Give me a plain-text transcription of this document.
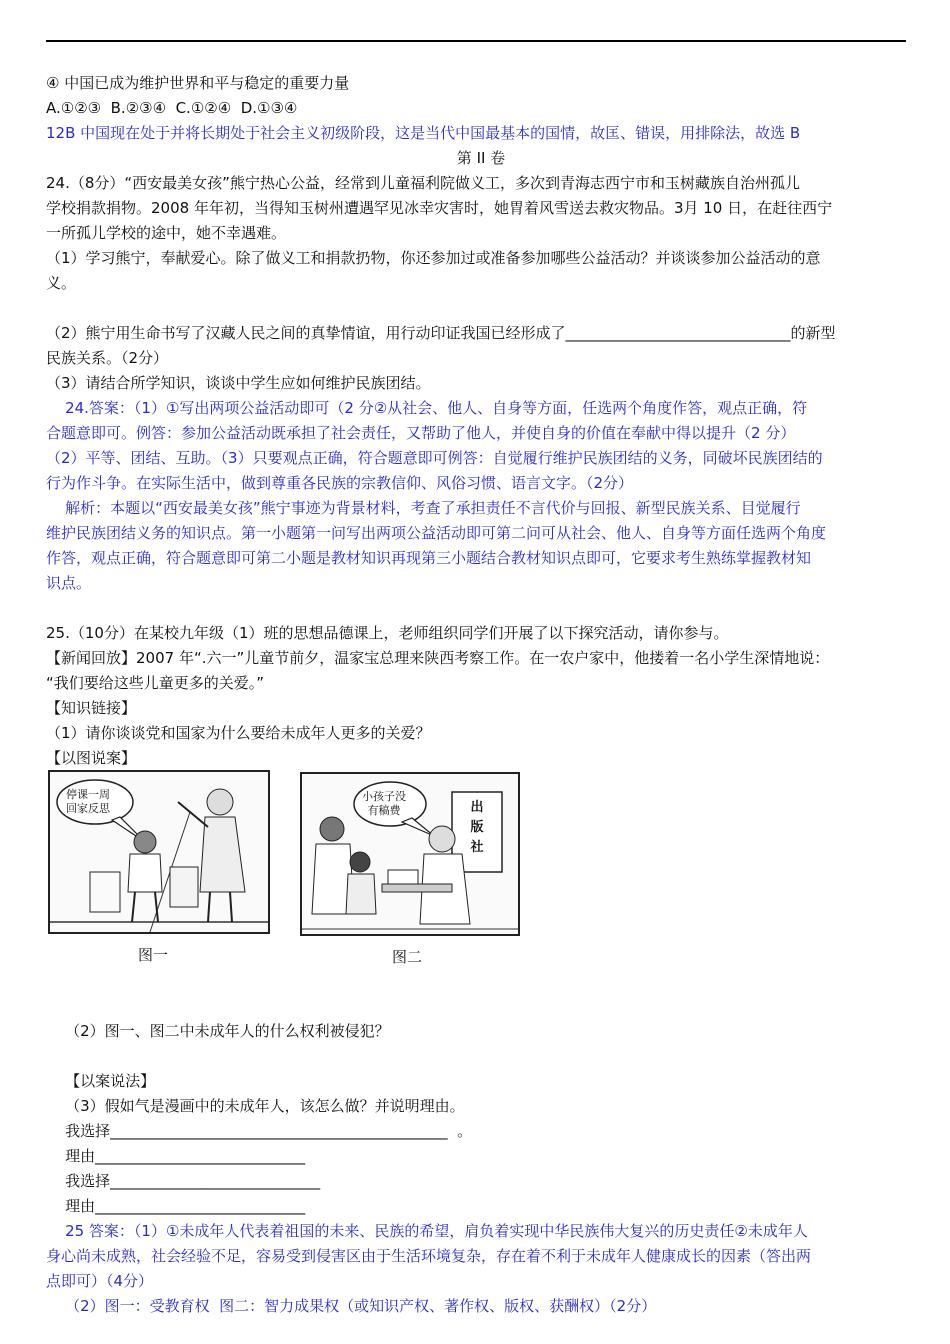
④ 中国已成为维护世界和平与稳定的重要力量
A.①②③  B.②③④  C.①②④  D.①③④
12B 中国现在处于并将长期处于社会主义初级阶段，这是当代中国最基本的国情，故匡、错误，用排除法，故选 B
第 II 卷
24.（8分）“西安最美女孩”熊宁热心公益，经常到儿童福利院做义工，多次到青海志西宁市和玉树藏族自治州孤儿
学校捐款捐物。2008 年年初，当得知玉树州遭遇罕见冰幸灾害时，她胃着风雪送去救灾物品。3月 10 日，在赶往西宁
一所孤儿学校的途中，她不幸遇难。
（1）学习熊宁，奉献爱心。除了做义工和捐款扔物，你还参加过或准备参加哪些公益活动？并谈谈参加公益活动的意
义。
（2）熊宁用生命书写了汉藏人民之间的真挚情谊，用行动印证我国已经形成了______________________________的新型
民族关系。（2分）
（3）请结合所学知识，谈谈中学生应如何维护民族团结。
24.答案：（1）①写出两项公益活动即可（2 分②从社会、他人、自身等方面，任选两个角度作答，观点正确，符
合题意即可。例答：参加公益活动既承担了社会责任，又帮助了他人，并使自身的价值在奉献中得以提升（2 分）
（2）平等、团结、互助。（3）只要观点正确，符合题意即可例答：自觉履行维护民族团结的义务，同破坏民族团结的
行为作斗争。在实际生活中，做到尊重各民族的宗教信仰、风俗习惯、语言文字。（2分）
解析：本题以“西安最美女孩”熊宁事迹为背景材料，考查了承担责任不言代价与回报、新型民族关系、目觉履行
维护民族团结义务的知识点。第一小题第一问写出两项公益活动即可第二问可从社会、他人、自身等方面任选两个角度
作答，观点正确，符合题意即可第二小题是教材知识再现第三小题结合教材知识点即可，它要求考生熟练掌握教材知
识点。
25.（10分）在某校九年级（1）班的思想品德课上，老师组织同学们开展了以下探究活动，请你参与。
【新闻回放】2007 年“.六一”儿童节前夕，温家宝总理来陕西考察工作。在一农户家中，他搂着一名小学生深情地说：
“我们要给这些儿童更多的关爱。”
【知识链接】
（1）请你谈谈党和国家为什么要给未成年人更多的关爱？
【以图说案】
停课一周
回家反思
图一
小孩子没
有稿费	出版社
图二
（2）图一、图二中未成年人的什么权利被侵犯？
【以案说法】
（3）假如气是漫画中的未成年人，该怎么做？并说明理由。
我选择_____________________________________________  。
理由____________________________
我选择____________________________
理由____________________________
25 答案：（1）①未成年人代表着祖国的未来、民族的希望，肩负着实现中华民族伟大复兴的历史责任②未成年人
身心尚未成熟，社会经验不足，容易受到侵害区由于生活环境复杂，存在着不利于未成年人健康成长的因素（答出两
点即可）（4分）
（2）图一：受教育权  图二：智力成果权（或知识产权、著作权、版权、获酬权）（2分）
